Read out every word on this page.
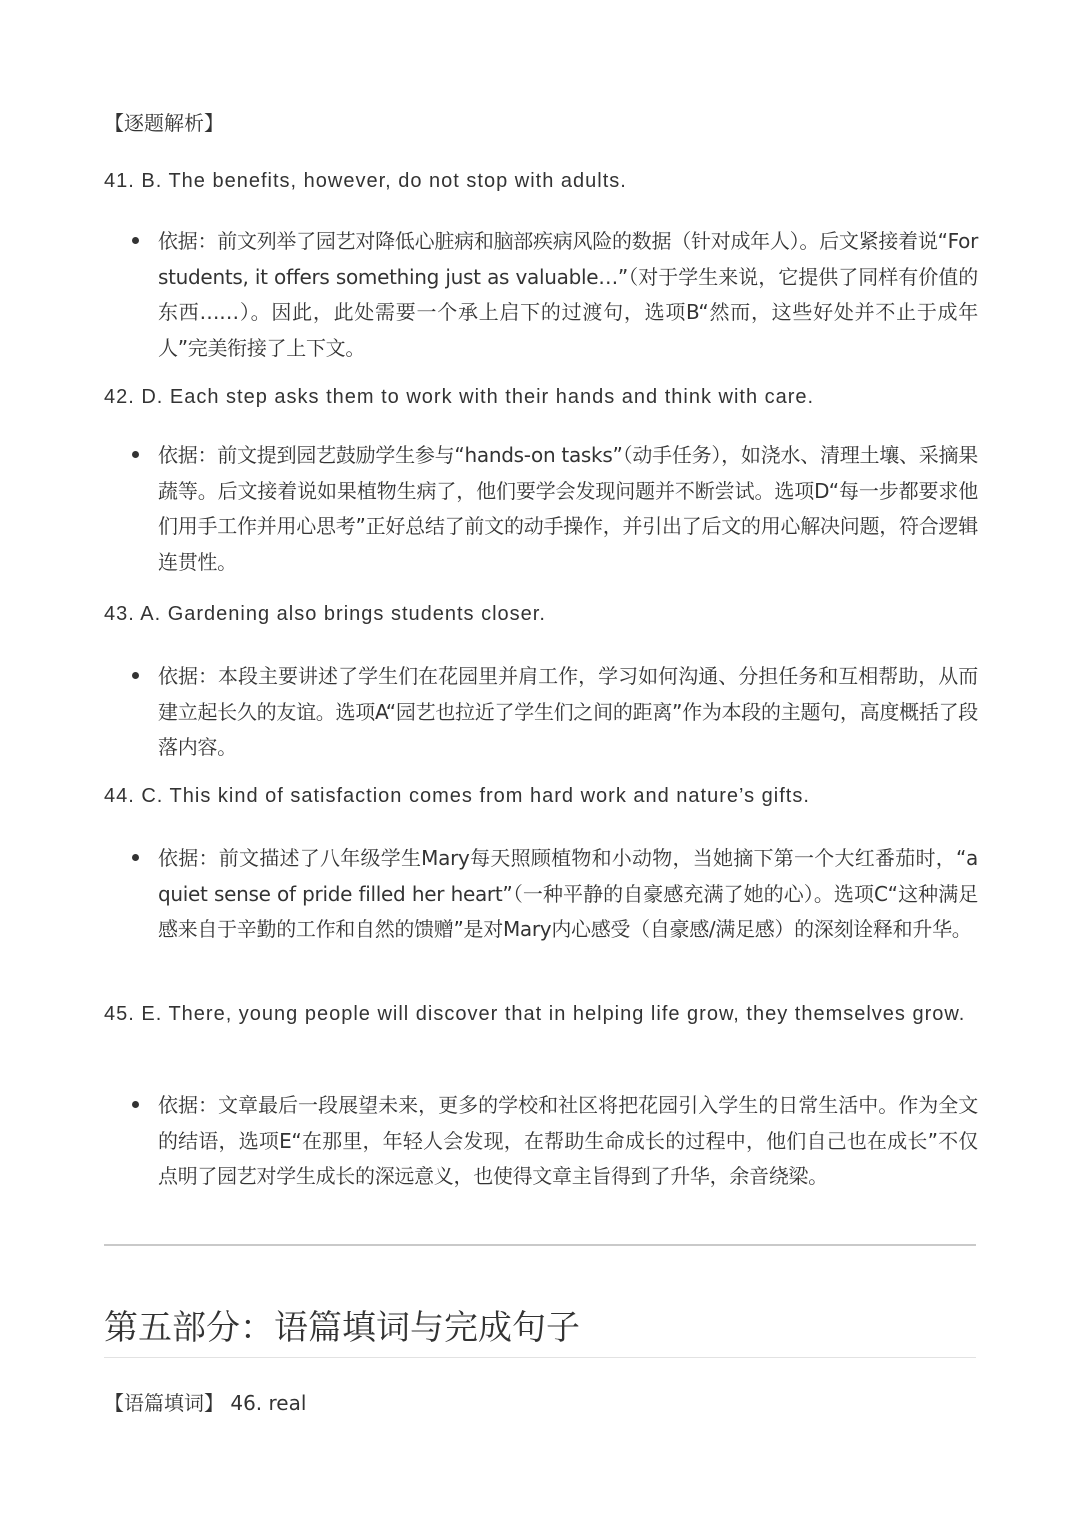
【逐题解析】
41. B. The benefits, however, do not stop with adults.
依据：前文列举了园艺对降低心脏病和脑部疾病风险的数据（针对成年人）。后文紧接着说“For students, it offers something just as valuable…”（对于学生来说，它提供了同样有价值的东西……）。因此，此处需要一个承上启下的过渡句，选项B“然而，这些好处并不止于成年人”完美衔接了上下文。
42. D. Each step asks them to work with their hands and think with care.
依据：前文提到园艺鼓励学生参与“hands-on tasks”（动手任务），如浇水、清理土壤、采摘果蔬等。后文接着说如果植物生病了，他们要学会发现问题并不断尝试。选项D“每一步都要求他们用手工作并用心思考”正好总结了前文的动手操作，并引出了后文的用心解决问题，符合逻辑连贯性。
43. A. Gardening also brings students closer.
依据：本段主要讲述了学生们在花园里并肩工作，学习如何沟通、分担任务和互相帮助，从而建立起长久的友谊。选项A“园艺也拉近了学生们之间的距离”作为本段的主题句，高度概括了段落内容。
44. C. This kind of satisfaction comes from hard work and nature’s gifts.
依据：前文描述了八年级学生Mary每天照顾植物和小动物，当她摘下第一个大红番茄时，“a quiet sense of pride filled her heart”（一种平静的自豪感充满了她的心）。选项C“这种满足感来自于辛勤的工作和自然的馈赠”是对Mary内心感受（自豪感/满足感）的深刻诠释和升华。
45. E. There, young people will discover that in helping life grow, they themselves grow.
依据：文章最后一段展望未来，更多的学校和社区将把花园引入学生的日常生活中。作为全文的结语，选项E“在那里，年轻人会发现，在帮助生命成长的过程中，他们自己也在成长”不仅点明了园艺对学生成长的深远意义，也使得文章主旨得到了升华，余音绕梁。
第五部分：语篇填词与完成句子
【语篇填词】 46. real
